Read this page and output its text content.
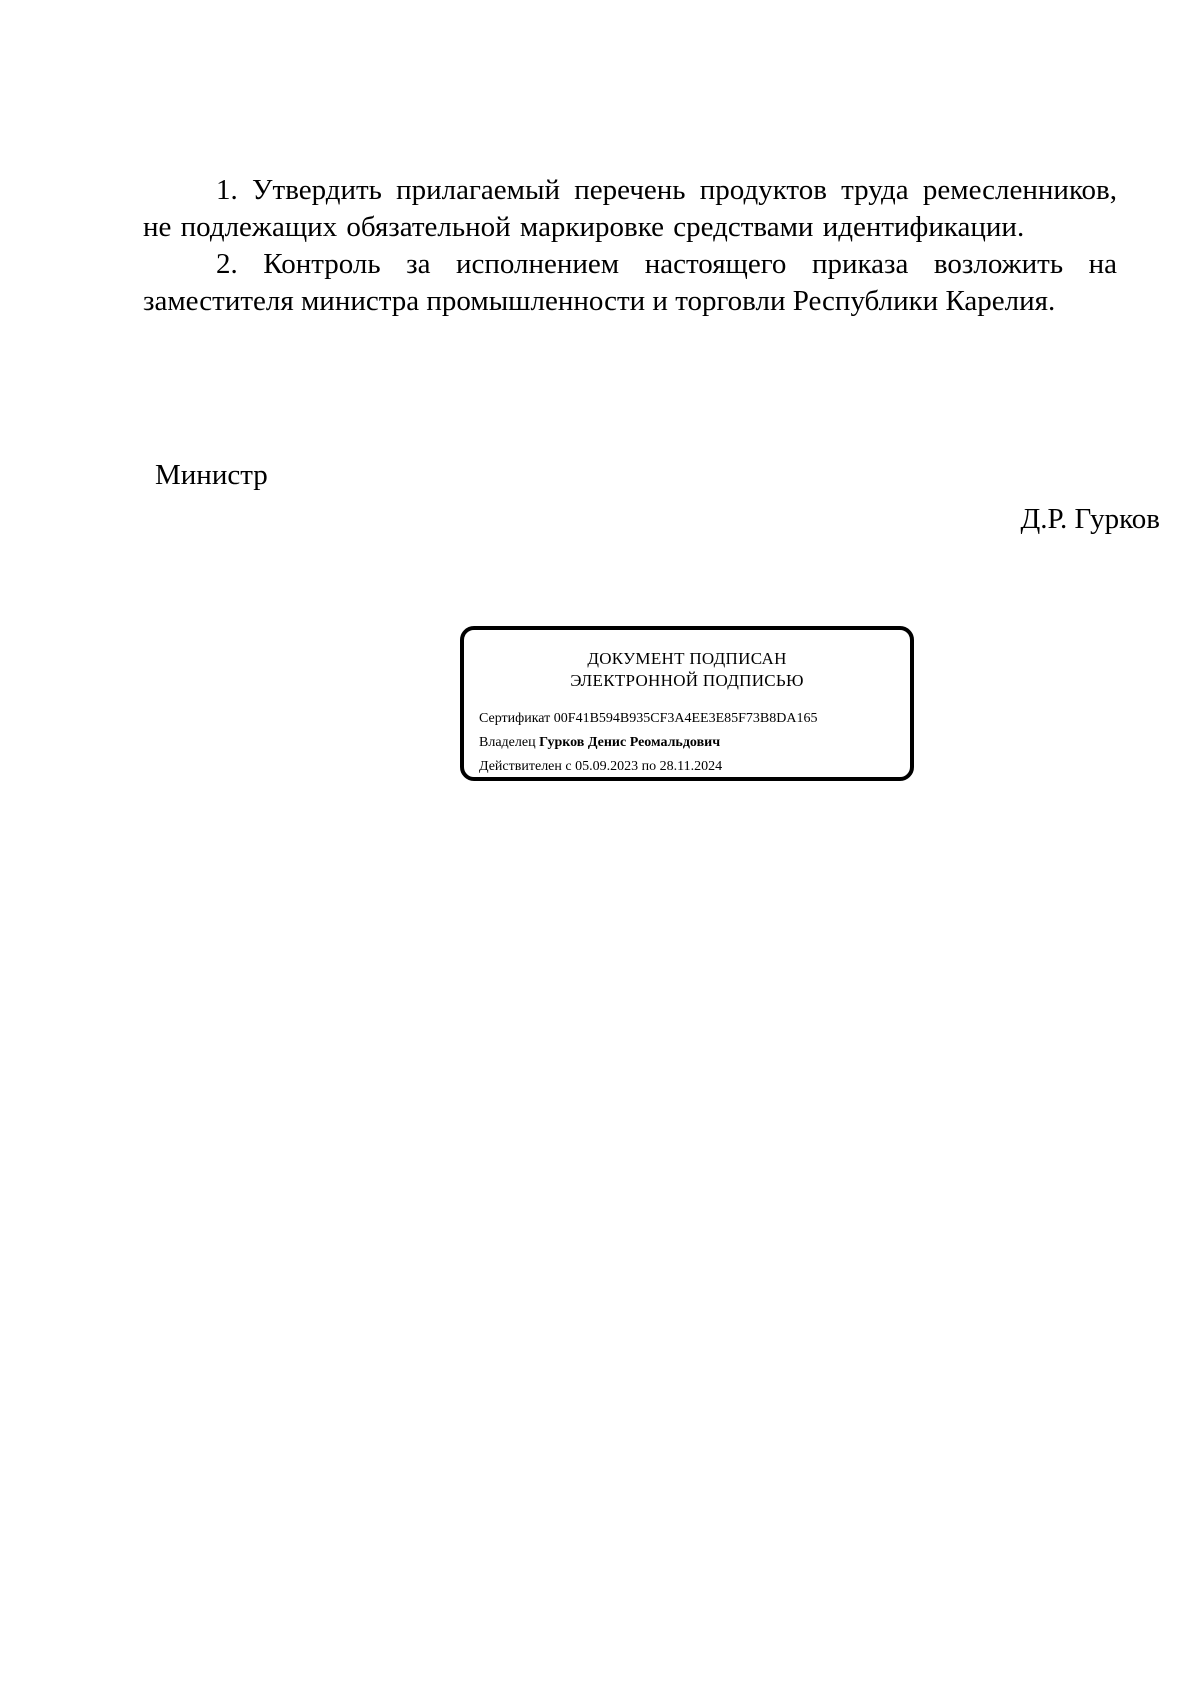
1. Утвердить прилагаемый перечень продуктов труда ремесленников, не подлежащих обязательной маркировке средствами идентификации.

2. Контроль за исполнением настоящего приказа возложить на заместителя министра промышленности и торговли Республики Карелия.

Министр
Д.Р. Гурков
ДОКУМЕНТ ПОДПИСАН
ЭЛЕКТРОННОЙ ПОДПИСЬЮ
Сертификат 00F41B594B935CF3A4EE3E85F73B8DA165
Владелец Гурков Денис Реомальдович
Действителен с 05.09.2023 по 28.11.2024
